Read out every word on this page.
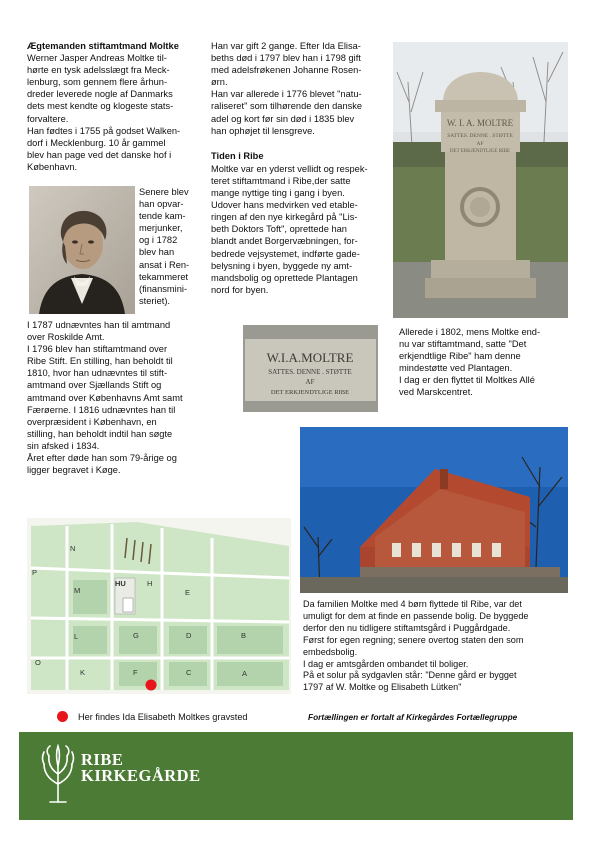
Ægtemanden stiftamtmand Moltke

Werner Jasper Andreas Moltke til-
hørte en tysk adelsslægt fra Meck-
lenburg, som gennem flere århun-
dreder leverede nogle af Danmarks
dets mest kendte og klogeste stats-
forvaltere.
Han fødtes i 1755 på godset Walken-
dorf i Mecklenburg. 10 år gammel
blev han page ved det danske hof i
København.
Senere blev
han opvar-
tende kam-
merjunker,
og i 1782
blev han
ansat i Ren-
tekammeret
(finansmini-
steriet).
I 1787 udnævntes han til amtmand
over Roskilde Amt.
I 1796 blev han stiftamtmand over
Ribe Stift. En stilling, han beholdt til
1810, hvor han udnævntes til stift-
amtmand over Sjællands Stift og
amtmand over Københavns Amt samt
Færøerne. I 1816 udnævntes han til
overpræsident i København, en
stilling, han beholdt indtil han søgte
sin afsked i 1834.
Året efter døde han som 79-årige og
ligger begravet i Køge.
Han var gift 2 gange. Efter Ida Elisa-
beths død i 1797 blev han i 1798 gift
med adelsfrøkenen Johanne Rosen-
ørn.
Han var allerede i 1776 blevet "natu-
raliseret" som tilhørende den danske
adel og kort før sin død i 1835 blev
han ophøjet til lensgreve.

Tiden i Ribe

Moltke var en yderst vellidt og respek-
teret stiftamtmand i Ribe,der satte
mange nyttige ting i gang i byen.
Udover hans medvirken ved etable-
ringen af den nye kirkegård på "Lis-
beth Doktors Toft", oprettede han
blandt andet Borgervæbningen, for-
bedrede vejsystemet, indførte gade-
belysning i byen, byggede ny amt-
mandsbolig og oprettede Plantagen
nord for byen.
W. I. A. MOLTRE
SATTES. DENNE . STØTTE
AF
DET ERKJENDTLIGE RIBE
W.I.A.MOLTRE
SATTES. DENNE . STØTTE
AF
DET ERKJENDTLIGE RIBE
Allerede i 1802, mens Moltke end-
nu var stiftamtmand, satte "Det
erkjendtlige Ribe" ham denne
mindestøtte ved Plantagen.
I dag er den flyttet til Moltkes Allé
ved Marskcentret.
Da familien Moltke med 4 børn flyttede til Ribe, var det
umuligt for dem at finde en passende bolig. De byggede
derfor den nu tidligere stiftamtsgård i Puggårdgade.
Først for egen regning; senere overtog staten den som
embedsbolig.
I dag er amtsgården ombandet til boliger.
På et solur på sydgavlen står: "Denne gård er bygget
1797 af W. Moltke og Elisabeth Lütken"
N
P
M
HU	H
E
L	G	D	B
O
K	F	C	A
Her findes Ida Elisabeth Moltkes gravsted	Fortællingen er fortalt af Kirkegårdes Fortællegruppe
RIBE
KIRKEGÅRDE
